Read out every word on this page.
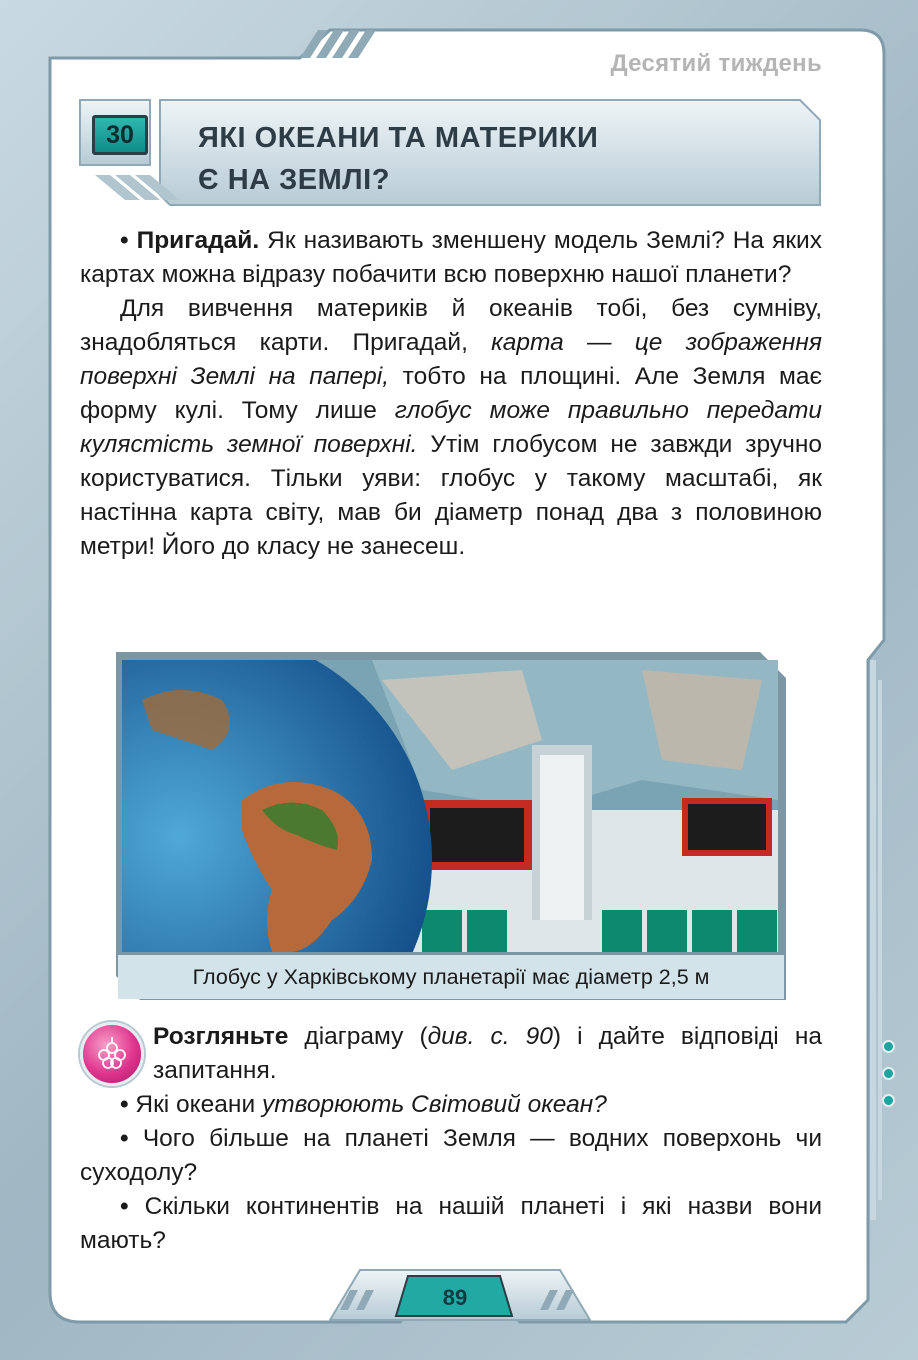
Десятий тиждень
30	ЯКІ ОКЕАНИ ТА МАТЕРИКИ
Є НА ЗЕМЛІ?

• Пригадай. Як називають зменшену модель Землі? На яких картах можна відразу побачити всю поверхню нашої планети?

Для вивчення материків й океанів тобі, без сумніву, знадобляться карти. Пригадай, карта — це зображення поверхні Землі на папері, тобто на площині. Але Земля має форму кулі. Тому лише глобус може правильно передати кулястість земної поверхні. Утім глобусом не завжди зручно користуватися. Тільки уяви: глобус у такому масштабі, як настінна карта світу, мав би діаметр понад два з половиною метри! Його до класу не занесеш.

Глобус у Харківському планетарії має діаметр 2,5 м

Розгляньте діаграму (див. с. 90) і дайте відповіді на запитання.

• Які океани утворюють Світовий океан?

• Чого більше на планеті Земля — водних поверхонь чи суходолу?

• Скільки континентів на нашій планеті і які назви вони мають?

89
